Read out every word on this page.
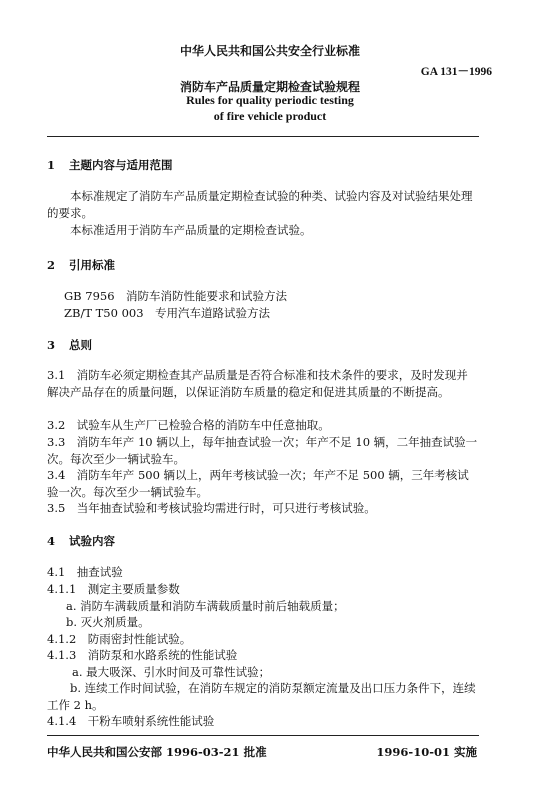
中华人民共和国公共安全行业标准
GA 131－1996
消防车产品质量定期检查试验规程
Rules for quality periodic testing
of fire vehicle product
1 主题内容与适用范围
本标准规定了消防车产品质量定期检查试验的种类、试验内容及对试验结果处理的要求。
本标准适用于消防车产品质量的定期检查试验。
2 引用标准
GB 7956　消防车消防性能要求和试验方法
ZB/T T50 003　专用汽车道路试验方法
3 总则
3.1　消防车必须定期检查其产品质量是否符合标准和技术条件的要求，及时发现并解决产品存在的质量问题，以保证消防车质量的稳定和促进其质量的不断提高。
3.2　试验车从生产厂已检验合格的消防车中任意抽取。
3.3　消防车年产 10 辆以上，每年抽查试验一次；年产不足 10 辆，二年抽查试验一次。每次至少一辆试验车。
3.4　消防车年产 500 辆以上，两年考核试验一次；年产不足 500 辆，三年考核试验一次。每次至少一辆试验车。
3.5　当年抽查试验和考核试验均需进行时，可只进行考核试验。
4 试验内容
4.1　抽查试验
4.1.1　测定主要质量参数
a. 消防车满载质量和消防车满载质量时前后轴载质量；
b. 灭火剂质量。
4.1.2　防雨密封性能试验。
4.1.3　消防泵和水路系统的性能试验
a. 最大吸深、引水时间及可靠性试验；
b. 连续工作时间试验，在消防车规定的消防泵额定流量及出口压力条件下，连续工作 2 h。
4.1.4　干粉车喷射系统性能试验
中华人民共和国公安部 1996-03-21 批准	1996-10-01 实施
